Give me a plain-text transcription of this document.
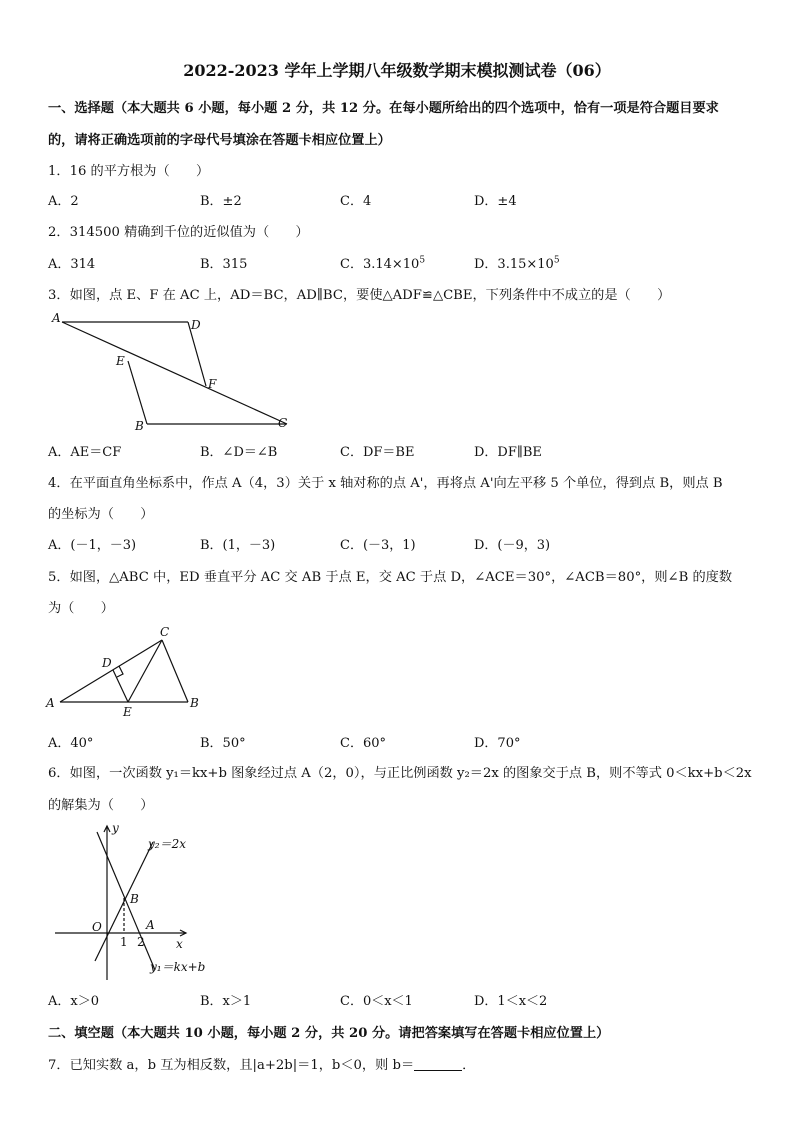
2022-2023 学年上学期八年级数学期末模拟测试卷（06）
一、选择题（本大题共 6 小题，每小题 2 分，共 12 分。在每小题所给出的四个选项中，恰有一项是符合题目要求
的，请将正确选项前的字母代号填涂在答题卡相应位置上）
1．16 的平方根为（　　）
A．2	B．±2	C．4	D．±4
2．314500 精确到千位的近似值为（　　）
A．314	B．315	C．$3.14\times 10^5$	D．$3.15\times 10^5$
3．如图，点 E、F 在 AC 上，AD＝BC，AD∥BC，要使△ADF≌△CBE，下列条件中不成立的是（　　）
A	D
E
F
B	C
A	B
C
D
E
y
x
O	A
B
1 2
y₂＝2x
y₁＝kx+b
A．AE＝CF	B．∠D＝∠B	C．DF＝BE	D．DF∥BE
4．在平面直角坐标系中，作点 A（4，3）关于 x 轴对称的点 A'，再将点 A'向左平移 5 个单位，得到点 B，则点 B
的坐标为（　　）
A．(－1，－3)	B．(1，－3)	C．(－3，1)	D．(－9，3)
5．如图，△ABC 中，ED 垂直平分 AC 交 AB 于点 E，交 AC 于点 D，∠ACE＝30°，∠ACB＝80°，则∠B 的度数
为（　　）
A．40°	B．50°	C．60°	D．70°
6．如图，一次函数 y₁＝kx+b 图象经过点 A（2，0），与正比例函数 y₂＝2x 的图象交于点 B，则不等式 0＜kx+b＜2x
的解集为（　　）
A．x＞0	B．x＞1	C．0＜x＜1	D．1＜x＜2
二、填空题（本大题共 10 小题，每小题 2 分，共 20 分。请把答案填写在答题卡相应位置上）
7．已知实数 a，b 互为相反数，且|a+2b|＝1，b＜0，则 b＝	．
